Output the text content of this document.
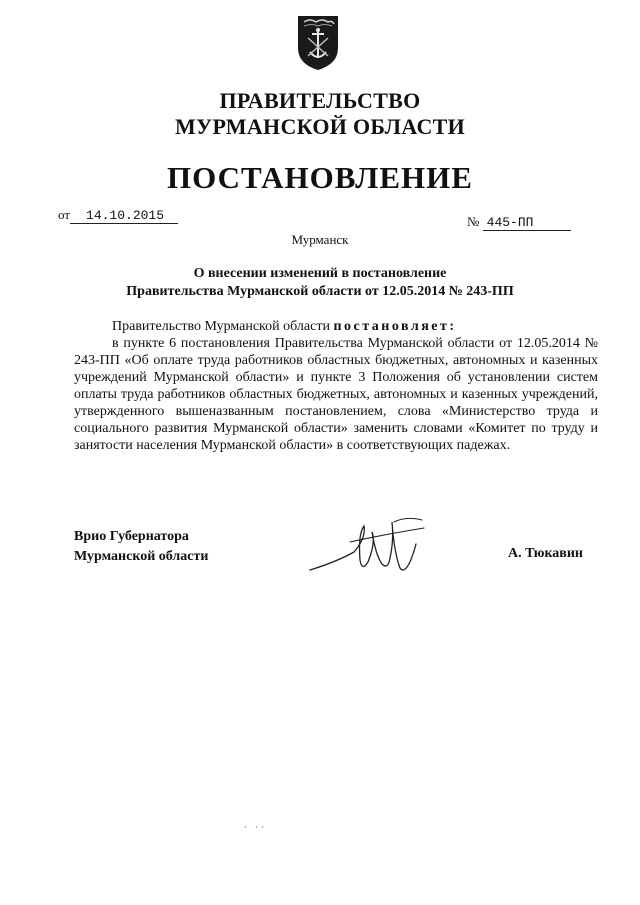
ПРАВИТЕЛЬСТВО
МУРМАНСКОЙ ОБЛАСТИ
ПОСТАНОВЛЕНИЕ
от 14.10.2015	№ 445-ПП
Мурманск
О внесении изменений в постановление
Правительства Мурманской области от 12.05.2014 № 243-ПП

Правительство Мурманской области постановляет:

в пункте 6 постановления Правительства Мурманской области от 12.05.2014 № 243-ПП «Об оплате труда работников областных бюджетных, автономных и казенных учреждений Мурманской области» и пункте 3 Положения об установлении систем оплаты труда работников областных бюджетных, автономных и казенных учреждений, утвержденного вышеназванным постановлением, слова «Министерство труда и социального развития Мурманской области» заменить словами «Комитет по труду и занятости населения Мурманской области» в соответствующих падежах.

Врио Губернатора
Мурманской области	А. Тюкавин
· ··
